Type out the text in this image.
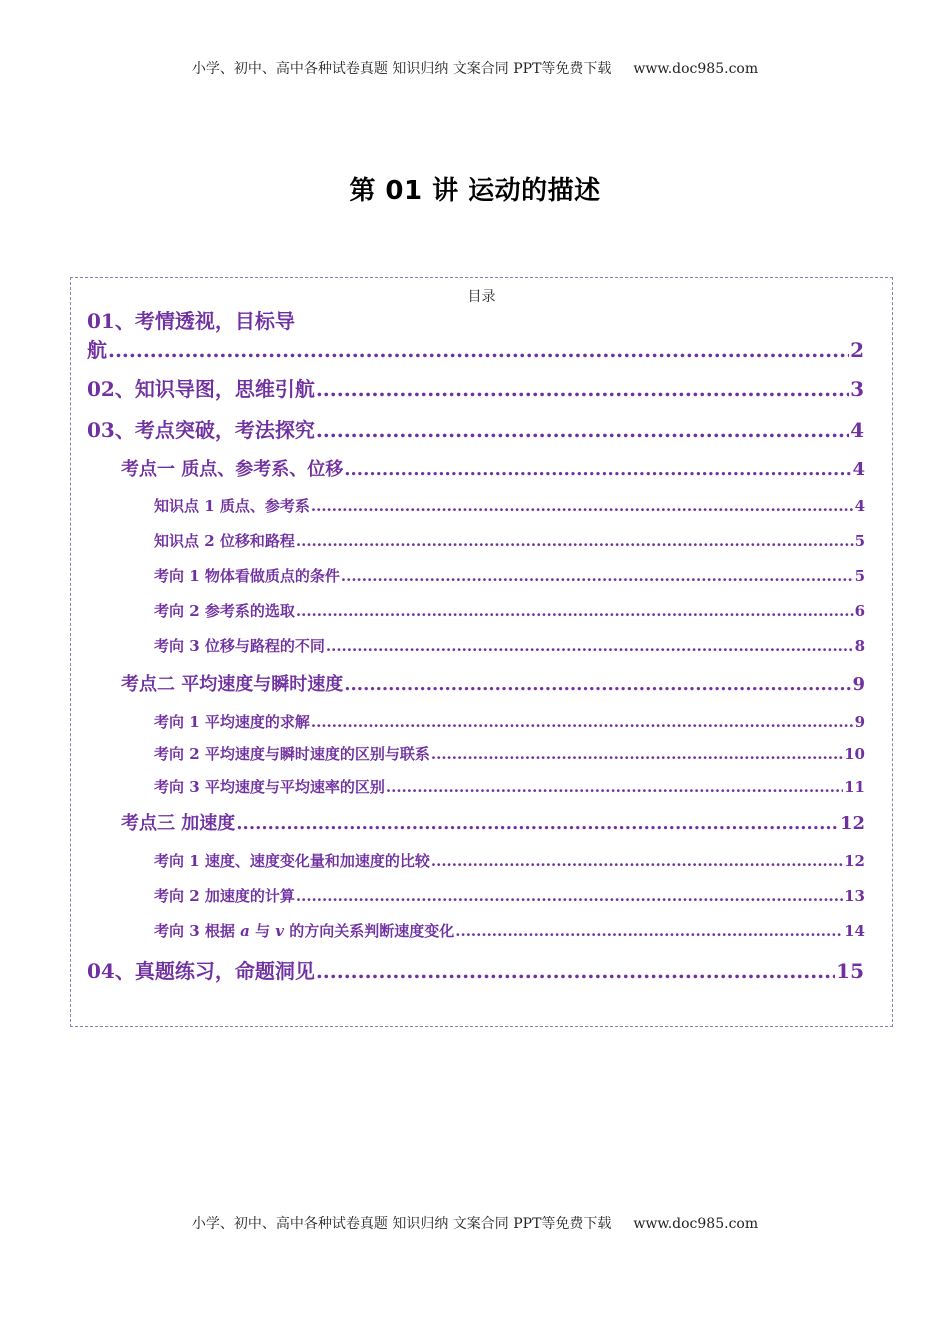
小学、初中、高中各种试卷真题 知识归纳 文案合同 PPT等免费下载 www.doc985.com
第 01 讲 运动的描述
目录
01、考情透视，目标导
航 .....	2
02、知识导图，思维引航 .....	3
03、考点突破，考法探究 .....	4
考点一 质点、参考系、位移 .....	4
知识点 1 质点、参考系 .....	4
知识点 2 位移和路程 .....	5
考向 1 物体看做质点的条件 .....	5
考向 2 参考系的选取 .....	6
考向 3 位移与路程的不同 .....	8
考点二 平均速度与瞬时速度 .....	9
考向 1 平均速度的求解 .....	9
考向 2 平均速度与瞬时速度的区别与联系 .....	10
考向 3 平均速度与平均速率的区别 .....	11
考点三 加速度 .....	12
考向 1 速度、速度变化量和加速度的比较 .....	12
考向 2 加速度的计算 .....	13
考向 3 根据 a 与 v 的方向关系判断速度变化 .....	14
04、真题练习，命题洞见 .....	15
小学、初中、高中各种试卷真题 知识归纳 文案合同 PPT等免费下载 www.doc985.com
